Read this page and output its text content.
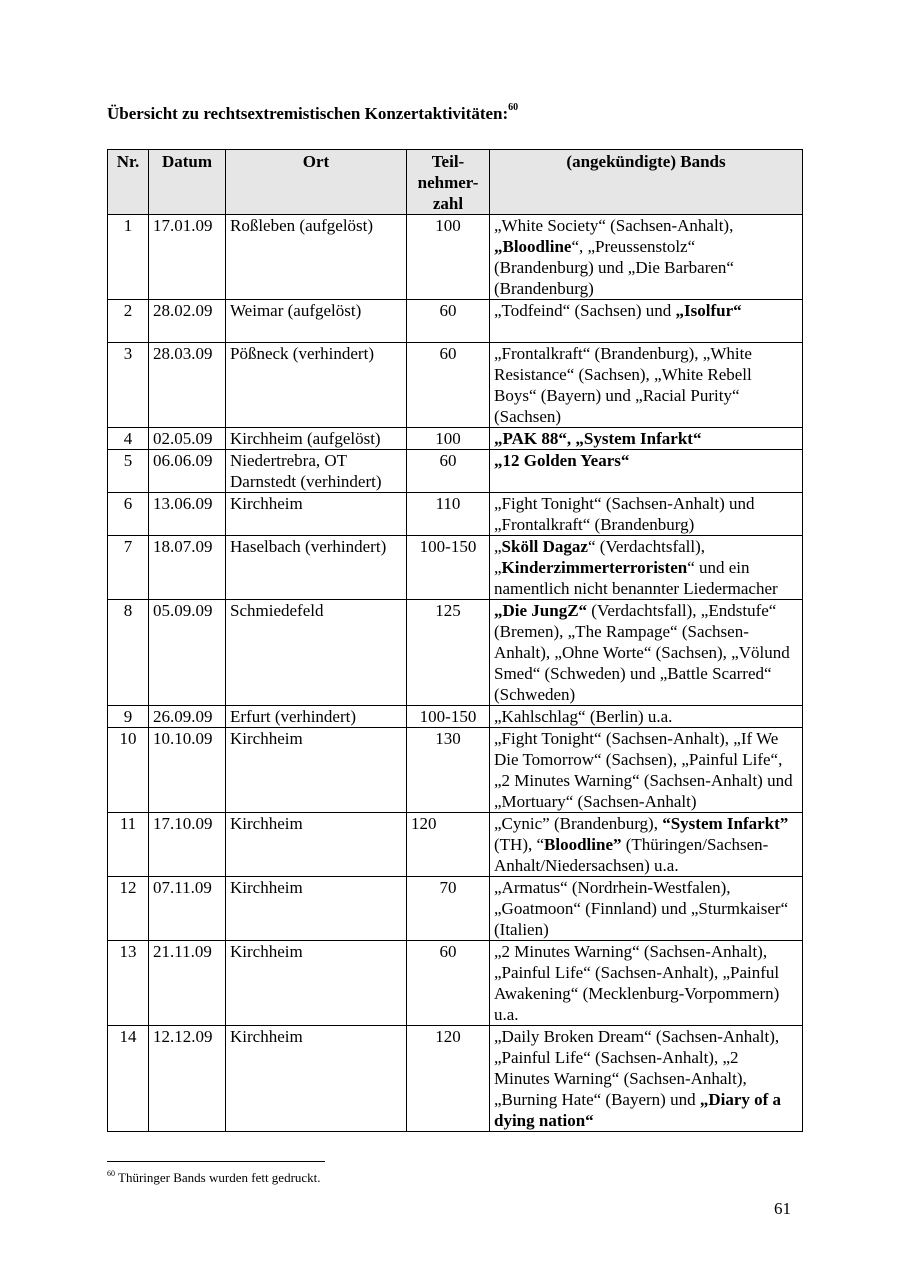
Übersicht zu rechtsextremistischen Konzertaktivitäten:$^{60}$
Nr.	Datum	Ort	Teil-
nehmer-
zahl	(angekündigte) Bands
1	17.01.09	Roßleben (aufgelöst)	100	„White Society“ (Sachsen-Anhalt), „Bloodline“, „Preussenstolz“ (Brandenburg) und „Die Barbaren“ (Brandenburg)
2	28.02.09	Weimar (aufgelöst)	60	„Todfeind“ (Sachsen) und „Isolfur“
3	28.03.09	Pößneck (verhindert)	60	„Frontalkraft“ (Brandenburg), „White Resistance“ (Sachsen), „White Rebell Boys“ (Bayern) und „Racial Purity“ (Sachsen)
4	02.05.09	Kirchheim (aufgelöst)	100	„PAK 88“, „System Infarkt“
5	06.06.09	Niedertrebra, OT Darnstedt (verhindert)	60	„12 Golden Years“
6	13.06.09	Kirchheim	110	„Fight Tonight“ (Sachsen-Anhalt) und „Frontalkraft“ (Brandenburg)
7	18.07.09	Haselbach (verhindert)	100-150	„Sköll Dagaz“ (Verdachtsfall), „Kinderzimmerterroristen“ und ein namentlich nicht benannter Liedermacher
8	05.09.09	Schmiedefeld	125	„Die JungZ“ (Verdachtsfall), „Endstufe“ (Bremen), „The Rampage“ (Sachsen-Anhalt), „Ohne Worte“ (Sachsen), „Völund Smed“ (Schweden) und „Battle Scarred“ (Schweden)
9	26.09.09	Erfurt (verhindert)	100-150	„Kahlschlag“ (Berlin) u.a.
10	10.10.09	Kirchheim	130	„Fight Tonight“ (Sachsen-Anhalt), „If We Die Tomorrow“ (Sachsen), „Painful Life“, „2 Minutes Warning“ (Sachsen-Anhalt) und „Mortuary“ (Sachsen-Anhalt)
11	17.10.09	Kirchheim	120	„Cynic” (Brandenburg), “System Infarkt” (TH), “Bloodline” (Thüringen/Sachsen-Anhalt/Niedersachsen) u.a.
12	07.11.09	Kirchheim	70	„Armatus“ (Nordrhein-Westfalen), „Goatmoon“ (Finnland) und „Sturmkaiser“ (Italien)
13	21.11.09	Kirchheim	60	„2 Minutes Warning“ (Sachsen-Anhalt), „Painful Life“ (Sachsen-Anhalt), „Painful Awakening“ (Mecklenburg-Vorpommern) u.a.
14	12.12.09	Kirchheim	120	„Daily Broken Dream“ (Sachsen-Anhalt), „Painful Life“ (Sachsen-Anhalt), „2 Minutes Warning“ (Sachsen-Anhalt), „Burning Hate“ (Bayern) und „Diary of a dying nation“

$^{60}$ Thüringer Bands wurden fett gedruckt.

61
